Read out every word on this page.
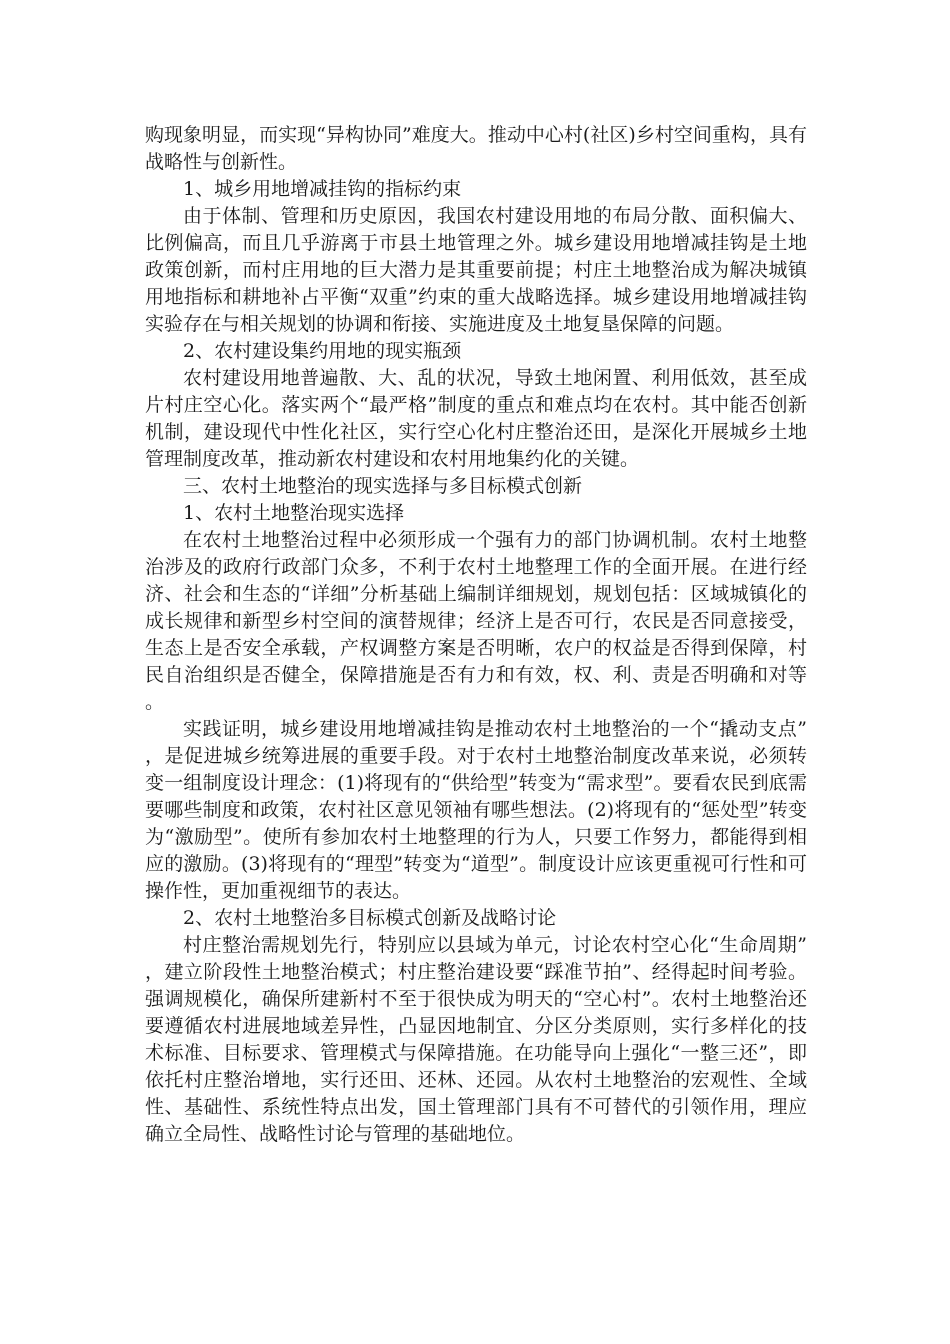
购现象明显，而实现“异构协同”难度大。推动中心村(社区)乡村空间重构，具有战略性与创新性。

1、城乡用地增减挂钩的指标约束

由于体制、管理和历史原因，我国农村建设用地的布局分散、面积偏大、比例偏高，而且几乎游离于市县土地管理之外。城乡建设用地增减挂钩是土地政策创新，而村庄用地的巨大潜力是其重要前提；村庄土地整治成为解决城镇用地指标和耕地补占平衡“双重”约束的重大战略选择。城乡建设用地增减挂钩实验存在与相关规划的协调和衔接、实施进度及土地复垦保障的问题。

2、农村建设集约用地的现实瓶颈

农村建设用地普遍散、大、乱的状况，导致土地闲置、利用低效，甚至成片村庄空心化。落实两个“最严格”制度的重点和难点均在农村。其中能否创新机制，建设现代中性化社区，实行空心化村庄整治还田，是深化开展城乡土地管理制度改革，推动新农村建设和农村用地集约化的关键。

三、农村土地整治的现实选择与多目标模式创新

1、农村土地整治现实选择

在农村土地整治过程中必须形成一个强有力的部门协调机制。农村土地整治涉及的政府行政部门众多，不利于农村土地整理工作的全面开展。在进行经济、社会和生态的“详细”分析基础上编制详细规划，规划包括：区域城镇化的成长规律和新型乡村空间的演替规律；经济上是否可行，农民是否同意接受，生态上是否安全承载，产权调整方案是否明晰，农户的权益是否得到保障，村民自治组织是否健全，保障措施是否有力和有效，权、利、责是否明确和对等。

实践证明，城乡建设用地增减挂钩是推动农村土地整治的一个“撬动支点”，是促进城乡统筹进展的重要手段。对于农村土地整治制度改革来说，必须转变一组制度设计理念：(1)将现有的“供给型”转变为“需求型”。要看农民到底需要哪些制度和政策，农村社区意见领袖有哪些想法。(2)将现有的“惩处型”转变为“激励型”。使所有参加农村土地整理的行为人，只要工作努力，都能得到相应的激励。(3)将现有的“理型”转变为“道型”。制度设计应该更重视可行性和可操作性，更加重视细节的表达。

2、农村土地整治多目标模式创新及战略讨论

村庄整治需规划先行，特别应以县域为单元，讨论农村空心化“生命周期”，建立阶段性土地整治模式；村庄整治建设要“踩准节拍”、经得起时间考验。强调规模化，确保所建新村不至于很快成为明天的“空心村”。农村土地整治还要遵循农村进展地域差异性，凸显因地制宜、分区分类原则，实行多样化的技术标准、目标要求、管理模式与保障措施。在功能导向上强化“一整三还”，即依托村庄整治增地，实行还田、还林、还园。从农村土地整治的宏观性、全域性、基础性、系统性特点出发，国土管理部门具有不可替代的引领作用，理应确立全局性、战略性讨论与管理的基础地位。
